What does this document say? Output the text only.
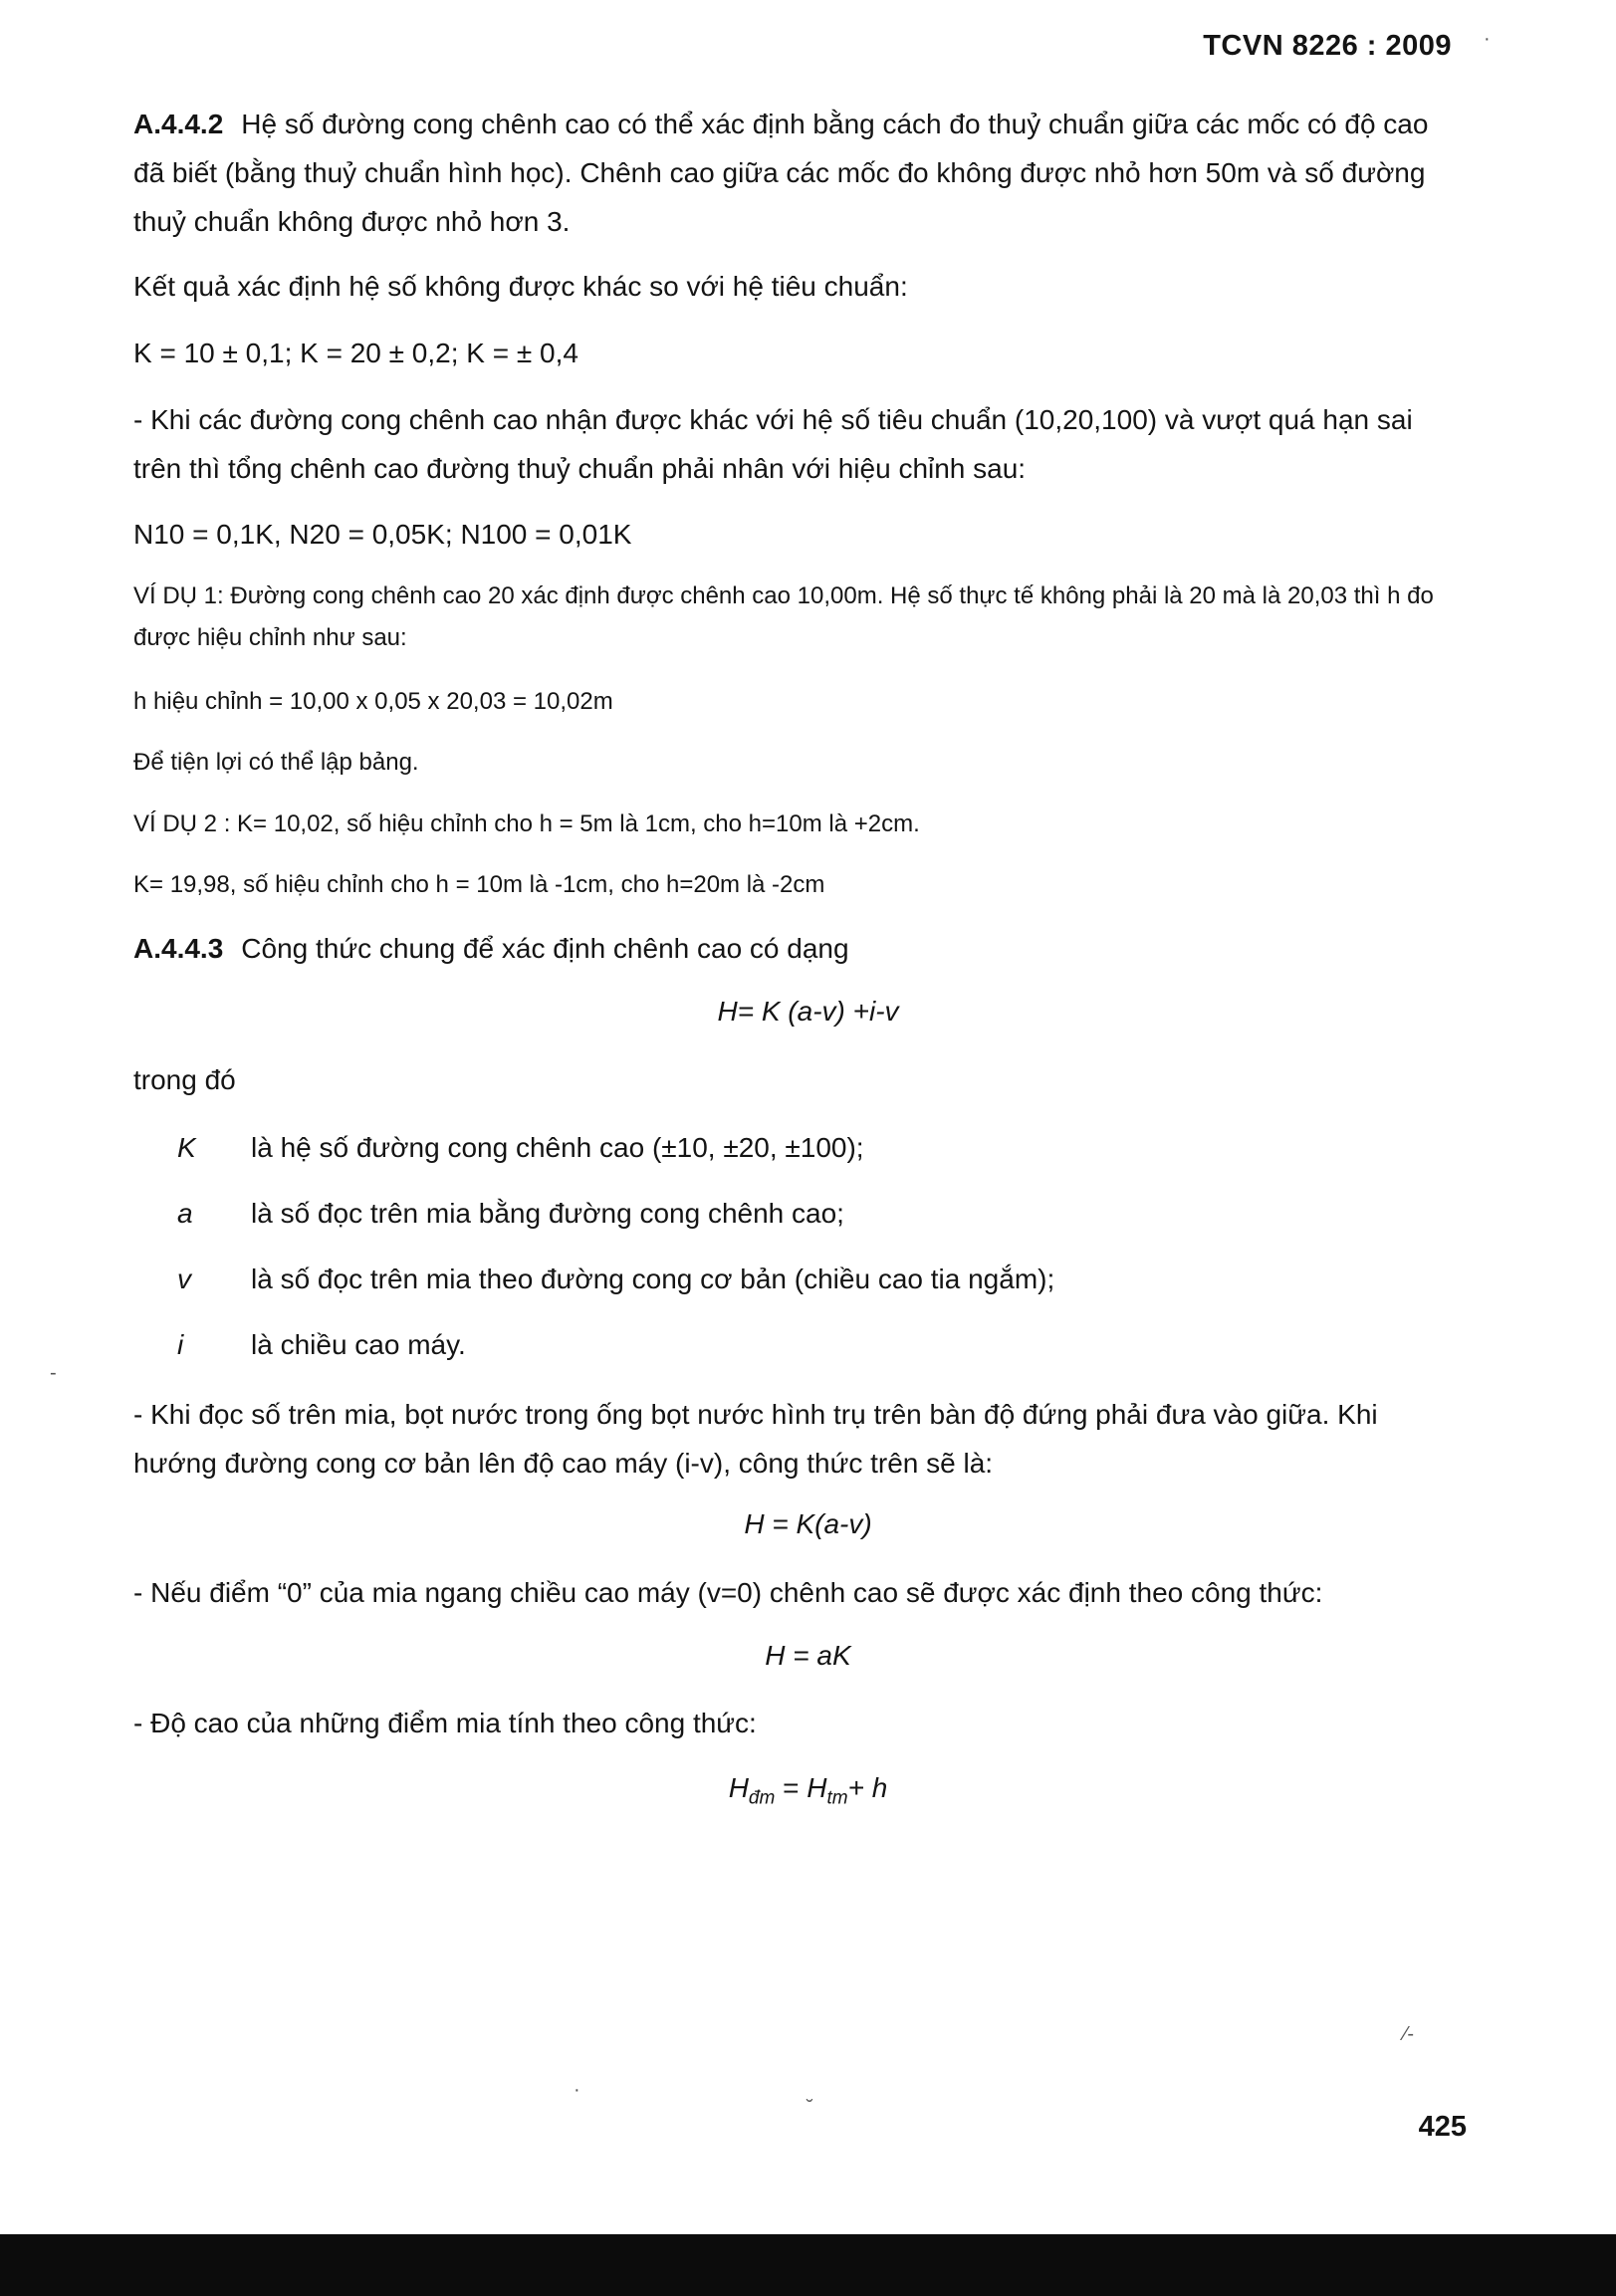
TCVN 8226 : 2009

A.4.4.2 Hệ số đường cong chênh cao có thể xác định bằng cách đo thuỷ chuẩn giữa các mốc có độ cao đã biết (bằng thuỷ chuẩn hình học). Chênh cao giữa các mốc đo không được nhỏ hơn 50m và số đường thuỷ chuẩn không được nhỏ hơn 3.

Kết quả xác định hệ số không được khác so với hệ tiêu chuẩn:

K = 10 ± 0,1; K = 20 ± 0,2; K = ± 0,4

- Khi các đường cong chênh cao nhận được khác với hệ số tiêu chuẩn (10,20,100) và vượt quá hạn sai trên thì tổng chênh cao đường thuỷ chuẩn phải nhân với hiệu chỉnh sau:

N10 = 0,1K, N20 = 0,05K; N100 = 0,01K

VÍ DỤ 1: Đường cong chênh cao 20 xác định được chênh cao 10,00m. Hệ số thực tế không phải là 20 mà là 20,03 thì h đo được hiệu chỉnh như sau:

h hiệu chỉnh = 10,00 x 0,05 x 20,03 = 10,02m

Để tiện lợi có thể lập bảng.

VÍ DỤ 2 : K= 10,02, số hiệu chỉnh cho h = 5m là 1cm, cho h=10m là +2cm.

K= 19,98, số hiệu chỉnh cho h = 10m là -1cm, cho h=20m là -2cm

A.4.4.3 Công thức chung để xác định chênh cao có dạng

H= K (a-v) +i-v

trong đó

K là hệ số đường cong chênh cao (±10, ±20, ±100);
a là số đọc trên mia bằng đường cong chênh cao;
v là số đọc trên mia theo đường cong cơ bản (chiều cao tia ngắm);
i là chiều cao máy.

- Khi đọc số trên mia, bọt nước trong ống bọt nước hình trụ trên bàn độ đứng phải đưa vào giữa. Khi hướng đường cong cơ bản lên độ cao máy (i-v), công thức trên sẽ là:

H = K(a-v)

- Nếu điểm “0” của mia ngang chiều cao máy (v=0) chênh cao sẽ được xác định theo công thức:

H = aK

- Độ cao của những điểm mia tính theo công thức:

$H_{đm} = H_{tm}+ h$
425
·
-
⁄‐
·
˘
